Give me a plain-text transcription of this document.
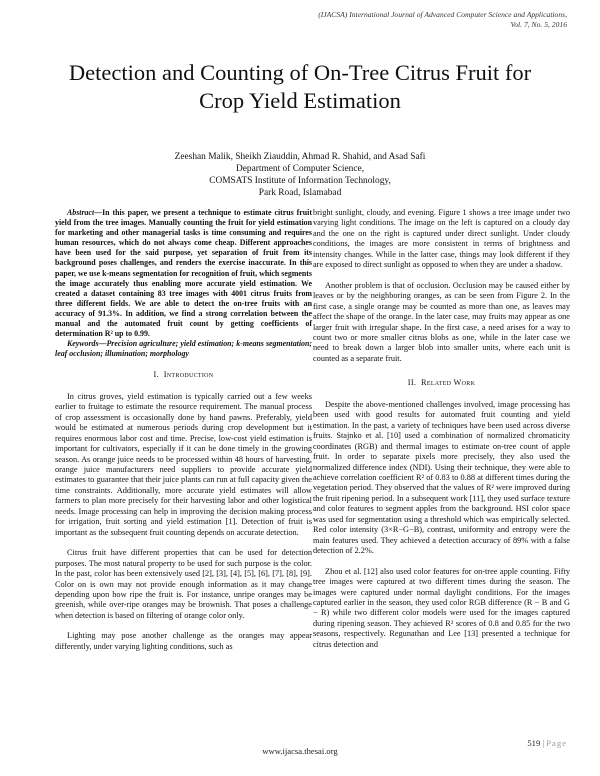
(IJACSA) International Journal of Advanced Computer Science and Applications,
Vol. 7, No. 5, 2016
Detection and Counting of On-Tree Citrus Fruit for
Crop Yield Estimation
Zeeshan Malik, Sheikh Ziauddin, Ahmad R. Shahid, and Asad Safi
Department of Computer Science,
COMSATS Institute of Information Technology,
Park Road, Islamabad

Abstract—In this paper, we present a technique to estimate citrus fruit yield from the tree images. Manually counting the fruit for yield estimation for marketing and other managerial tasks is time consuming and requires human resources, which do not always come cheap. Different approaches have been used for the said purpose, yet separation of fruit from its background poses challenges, and renders the exercise inaccurate. In this paper, we use k-means segmentation for recognition of fruit, which segments the image accurately thus enabling more accurate yield estimation. We created a dataset containing 83 tree images with 4001 citrus fruits from three different fields. We are able to detect the on-tree fruits with an accuracy of 91.3%. In addition, we find a strong correlation between the manual and the automated fruit count by getting coefficients of determination R² up to 0.99.

Keywords—Precision agriculture; yield estimation; k-means segmentation; leaf occlusion; illumination; morphology

I. Introduction

In citrus groves, yield estimation is typically carried out a few weeks earlier to fruitage to estimate the resource requirement. The manual process of crop assessment is occasionally done by hand pawns. Preferably, yield would be estimated at numerous periods during crop development but it requires enormous labor cost and time. Precise, low-cost yield estimation is important for cultivators, especially if it can be done timely in the growing season. As orange juice needs to be processed within 48 hours of harvesting, orange juice manufacturers need suppliers to provide accurate yield estimates to guarantee that their juice plants can run at full capacity given the time constraints. Additionally, more accurate yield estimates will allow farmers to plan more precisely for their harvesting labor and other logistical needs. Image processing can help in improving the decision making process for irrigation, fruit sorting and yield estimation [1]. Detection of fruit is important as the subsequent fruit counting depends on accurate detection.

Citrus fruit have different properties that can be used for detection purposes. The most natural property to be used for such purpose is the color. In the past, color has been extensively used [2], [3], [4], [5], [6], [7], [8], [9]. Color on is own may not provide enough information as it may change depending upon how ripe the fruit is. For instance, unripe oranges may be greenish, while over-ripe oranges may be brownish. That poses a challenge when detection is based on filtering of orange color only.

Lighting may pose another challenge as the oranges may appear differently, under varying lighting conditions, such as

bright sunlight, cloudy, and evening. Figure 1 shows a tree image under two varying light conditions. The image on the left is captured on a cloudy day and the one on the right is captured under direct sunlight. Under cloudy conditions, the images are more consistent in terms of brightness and intensity changes. While in the latter case, things may look different if they are exposed to direct sunlight as opposed to when they are under a shadow.

Another problem is that of occlusion. Occlusion may be caused either by leaves or by the neighboring oranges, as can be seen from Figure 2. In the first case, a single orange may be counted as more than one, as leaves may affect the shape of the orange. In the later case, may fruits may appear as one larger fruit with irregular shape. In the first case, a need arises for a way to count two or more smaller citrus blobs as one, while in the later case we need to break down a larger blob into smaller units, where each unit is counted as a separate fruit.

II. Related Work

Despite the above-mentioned challenges involved, image processing has been used with good results for automated fruit counting and yield estimation. In the past, a variety of techniques have been used across diverse fruits. Stajnko et al. [10] used a combination of normalized chromaticity coordinates (RGB) and thermal images to estimate on-tree count of apple fruit. In order to separate pixels more precisely, they also used the normalized difference index (NDI). Using their technique, they were able to achieve correlation coefficient R² of 0.83 to 0.88 at different times during the vegetation period. They observed that the values of R² were improved during the fruit ripening period. In a subsequent work [11], they used surface texture and color features to segment apples from the background. HSI color space was used for segmentation using a threshold which was empirically selected. Red color intensity (3×R−G−B), contrast, uniformity and entropy were the main features used. They achieved a detection accuracy of 89% with a false detection of 2.2%.

Zhou et al. [12] also used color features for on-tree apple counting. Fifty tree images were captured at two different times during the season. The images were captured under normal daylight conditions. For the images captured earlier in the season, they used color RGB difference (R − B and G − R) while two different color models were used for the images captured during ripening season. They achieved R² scores of 0.8 and 0.85 for the two seasons, respectively. Regunathan and Lee [13] presented a technique for citrus detection and

519 | Page
www.ijacsa.thesai.org
